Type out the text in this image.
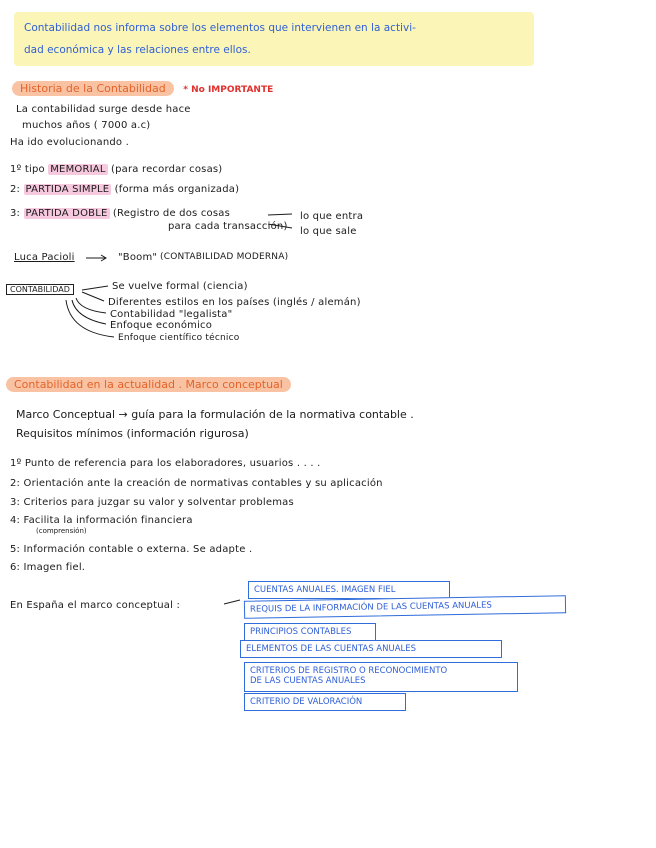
Contabilidad nos informa sobre los elementos que intervienen en la activi-
dad económica y las relaciones entre ellos.
Historia de la Contabilidad * No IMPORTANTE
La contabilidad surge desde hace
muchos años ( 7000 a.c)
Ha ido evolucionando .
1º tipo MEMORIAL (para recordar cosas)
2: PARTIDA SIMPLE (forma más organizada)
3: PARTIDA DOBLE (Registro de dos cosas
para cada transacción)
lo que entra
lo que sale
Luca Pacioli	"Boom" (CONTABILIDAD MODERNA)
CONTABILIDAD	Se vuelve formal (ciencia)
Diferentes estilos en los países (inglés / alemán)
Contabilidad "legalista"
Enfoque económico
Enfoque científico técnico
Contabilidad en la actualidad . Marco conceptual
Marco Conceptual → guía para la formulación de la normativa contable .
Requisitos mínimos (información rigurosa)
1º Punto de referencia para los elaboradores, usuarios . . . .
2: Orientación ante la creación de normativas contables y su aplicación
3: Criterios para juzgar su valor y solventar problemas
4: Facilita la información financiera
(comprensión)
5: Información contable o externa. Se adapte .
6: Imagen fiel.
En España el marco conceptual :
CUENTAS ANUALES. IMAGEN FIEL
REQUIS DE LA INFORMACIÓN DE LAS CUENTAS ANUALES
PRINCIPIOS CONTABLES
ELEMENTOS DE LAS CUENTAS ANUALES
CRITERIOS DE REGISTRO O RECONOCIMIENTO
DE LAS CUENTAS ANUALES
CRITERIO DE VALORACIÓN
